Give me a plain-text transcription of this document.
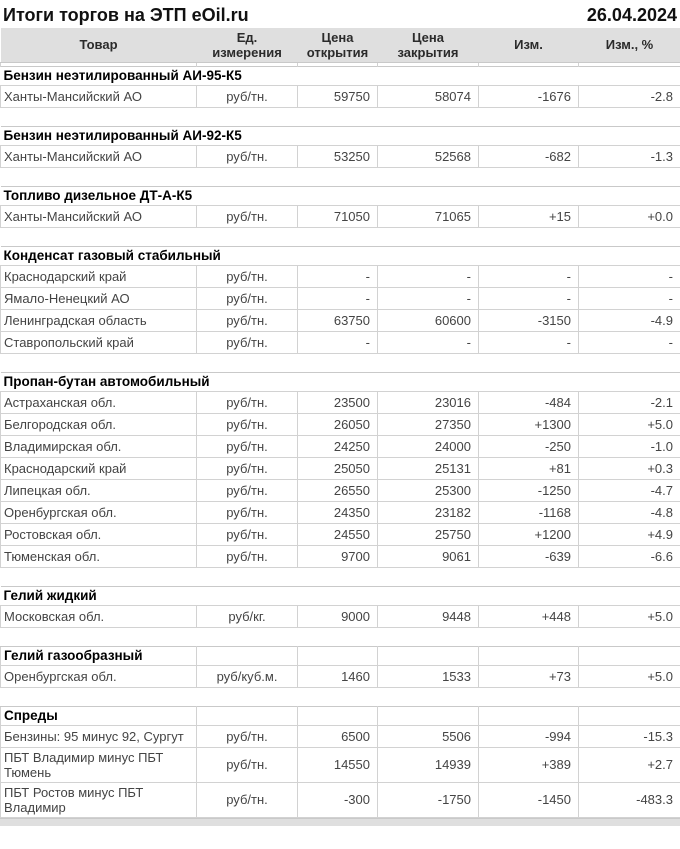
Итоги торгов на ЭТП eOil.ru	26.04.2024
Товар	Ед. измерения	Цена открытия	Цена закрытия	Изм.	Изм., %

Бензин неэтилированный АИ-95-К5					
Ханты-Мансийский АО	руб/тн.	59750	58074	-1676	-2.8

Бензин неэтилированный АИ-92-К5					
Ханты-Мансийский АО	руб/тн.	53250	52568	-682	-1.3

Топливо дизельное ДТ-А-К5					
Ханты-Мансийский АО	руб/тн.	71050	71065	+15	+0.0

Конденсат газовый стабильный					
Краснодарский край	руб/тн.	-	-	-	-
Ямало-Ненецкий АО	руб/тн.	-	-	-	-
Ленинградская область	руб/тн.	63750	60600	-3150	-4.9
Ставропольский край	руб/тн.	-	-	-	-

Пропан-бутан автомобильный					
Астраханская обл.	руб/тн.	23500	23016	-484	-2.1
Белгородская обл.	руб/тн.	26050	27350	+1300	+5.0
Владимирская обл.	руб/тн.	24250	24000	-250	-1.0
Краснодарский край	руб/тн.	25050	25131	+81	+0.3
Липецкая обл.	руб/тн.	26550	25300	-1250	-4.7
Оренбургская обл.	руб/тн.	24350	23182	-1168	-4.8
Ростовская обл.	руб/тн.	24550	25750	+1200	+4.9
Тюменская обл.	руб/тн.	9700	9061	-639	-6.6

Гелий жидкий					
Московская обл.	руб/кг.	9000	9448	+448	+5.0

Гелий газообразный					
Оренбургская обл.	руб/куб.м.	1460	1533	+73	+5.0

Спреды					
Бензины: 95 минус 92, Сургут	руб/тн.	6500	5506	-994	-15.3
ПБТ Владимир минус ПБТ Тюмень	руб/тн.	14550	14939	+389	+2.7
ПБТ Ростов минус ПБТ Владимир	руб/тн.	-300	-1750	-1450	-483.3
